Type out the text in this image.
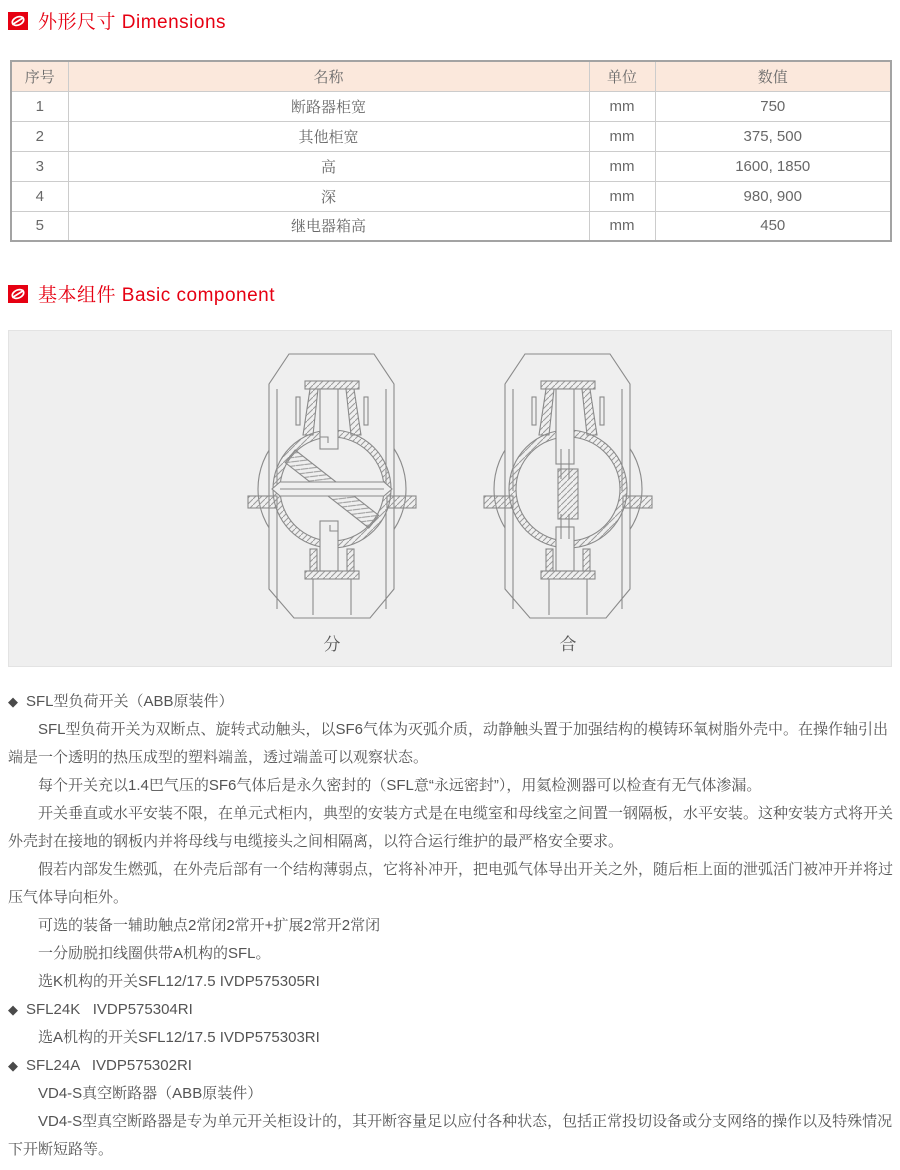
外形尺寸 Dimensions
序号	名称	单位	数值
1	断路器柜宽	mm	750
2	其他柜宽	mm	375, 500
3	高	mm	1600, 1850
4	深	mm	980, 900
5	继电器箱高	mm	450
基本组件 Basic component
分	合
◆ SFL型负荷开关（ABB原装件）
SFL型负荷开关为双断点、旋转式动触头，以SF6气体为灭弧介质，动静触头置于加强结构的模铸环氧树脂外壳中。在操作轴引出端是一个透明的热压成型的塑料端盖，透过端盖可以观察状态。
每个开关充以1.4巴气压的SF6气体后是永久密封的（SFL意“永远密封”），用氦检测器可以检查有无气体渗漏。
开关垂直或水平安装不限，在单元式柜内，典型的安装方式是在电缆室和母线室之间置一钢隔板，水平安装。这种安装方式将开关外壳封在接地的钢板内并将母线与电缆接头之间相隔离，以符合运行维护的最严格安全要求。
假若内部发生燃弧，在外壳后部有一个结构薄弱点，它将补冲开，把电弧气体导出开关之外，随后柜上面的泄弧活门被冲开并将过压气体导向柜外。
可选的装备一辅助触点2常闭2常开+扩展2常开2常闭
一分励脱扣线圈供带A机构的SFL。
选K机构的开关SFL12/17.5 IVDP575305RI
◆ SFL24K   IVDP575304RI
选A机构的开关SFL12/17.5 IVDP575303RI
◆ SFL24A   IVDP575302RI
VD4-S真空断路器（ABB原装件）
VD4-S型真空断路器是专为单元开关柜设计的，其开断容量足以应付各种状态，包括正常投切设备或分支网络的操作以及特殊情况下开断短路等。
